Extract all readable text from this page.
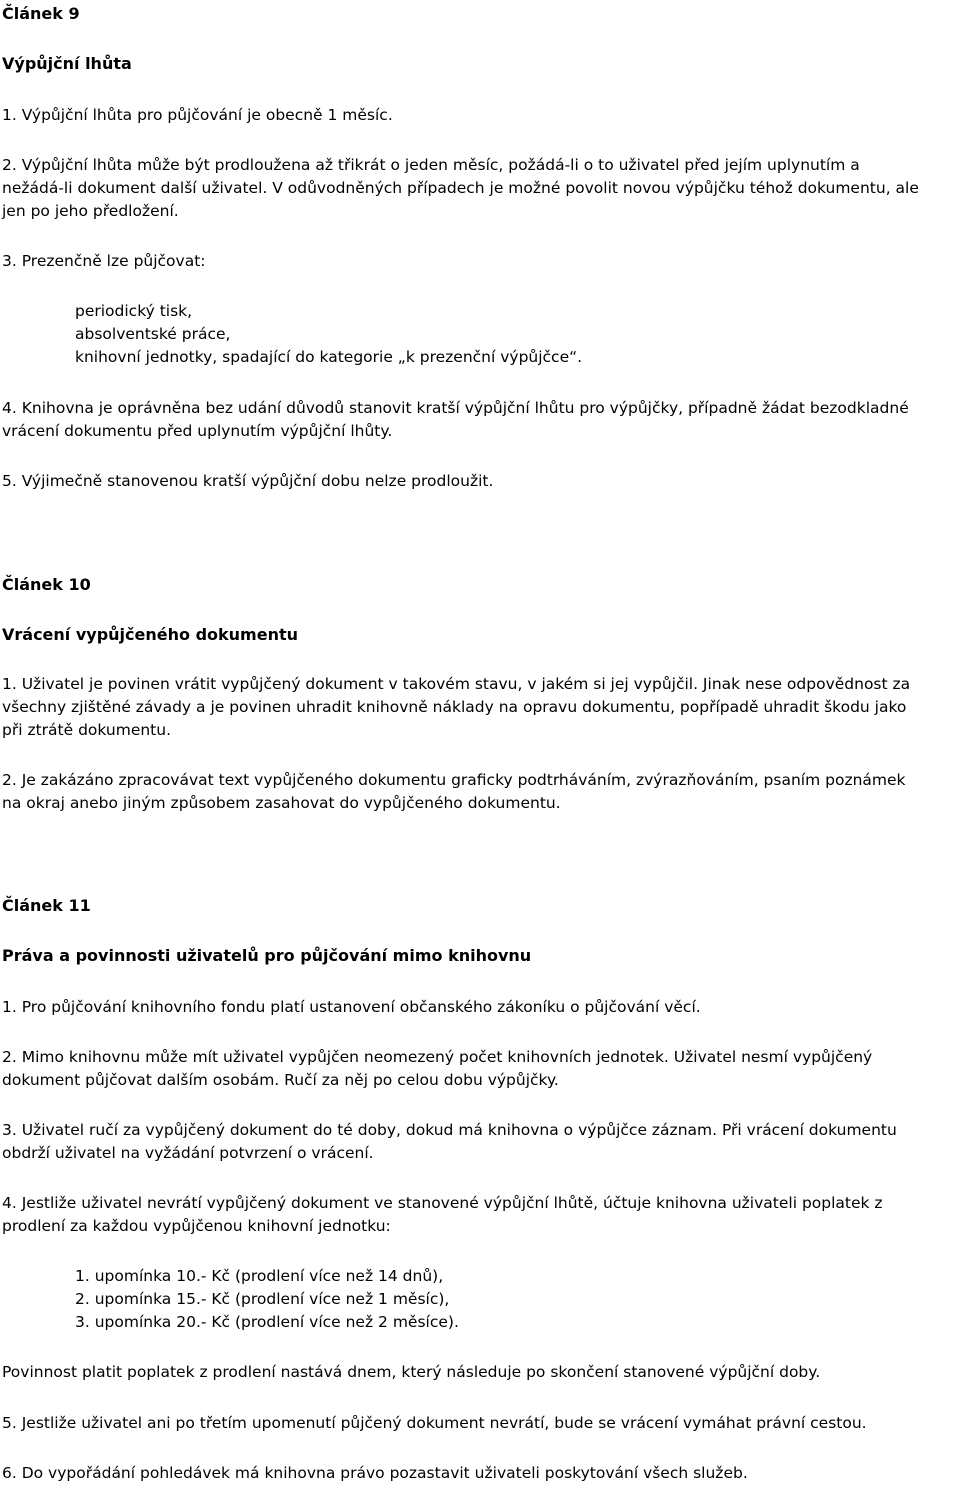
Článek 9
Výpůjční lhůta
1. Výpůjční lhůta pro půjčování je obecně 1 měsíc.
2. Výpůjční lhůta může být prodloužena až třikrát o jeden měsíc, požádá-li o to uživatel před jejím uplynutím a
nežádá-li dokument další uživatel. V odůvodněných případech je možné povolit novou výpůjčku téhož dokumentu, ale
jen po jeho předložení.
3. Prezenčně lze půjčovat:
periodický tisk,
absolventské práce,
knihovní jednotky, spadající do kategorie „k prezenční výpůjčce“.
4. Knihovna je oprávněna bez udání důvodů stanovit kratší výpůjční lhůtu pro výpůjčky, případně žádat bezodkladné
vrácení dokumentu před uplynutím výpůjční lhůty.
5. Výjimečně stanovenou kratší výpůjční dobu nelze prodloužit.
Článek 10
Vrácení vypůjčeného dokumentu
1. Uživatel je povinen vrátit vypůjčený dokument v takovém stavu, v jakém si jej vypůjčil. Jinak nese odpovědnost za
všechny zjištěné závady a je povinen uhradit knihovně náklady na opravu dokumentu, popřípadě uhradit škodu jako
při ztrátě dokumentu.
2. Je zakázáno zpracovávat text vypůjčeného dokumentu graficky podtrháváním, zvýrazňováním, psaním poznámek
na okraj anebo jiným způsobem zasahovat do vypůjčeného dokumentu.
Článek 11
Práva a povinnosti uživatelů pro půjčování mimo knihovnu
1. Pro půjčování knihovního fondu platí ustanovení občanského zákoníku o půjčování věcí.
2. Mimo knihovnu může mít uživatel vypůjčen neomezený počet knihovních jednotek. Uživatel nesmí vypůjčený
dokument půjčovat dalším osobám. Ručí za něj po celou dobu výpůjčky.
3. Uživatel ručí za vypůjčený dokument do té doby, dokud má knihovna o výpůjčce záznam. Při vrácení dokumentu
obdrží uživatel na vyžádání potvrzení o vrácení.
4. Jestliže uživatel nevrátí vypůjčený dokument ve stanovené výpůjční lhůtě, účtuje knihovna uživateli poplatek z
prodlení za každou vypůjčenou knihovní jednotku:
1. upomínka 10.- Kč (prodlení více než 14 dnů),
2. upomínka 15.- Kč (prodlení více než 1 měsíc),
3. upomínka 20.- Kč (prodlení více než 2 měsíce).
Povinnost platit poplatek z prodlení nastává dnem, který následuje po skončení stanovené výpůjční doby.
5. Jestliže uživatel ani po třetím upomenutí půjčený dokument nevrátí, bude se vrácení vymáhat právní cestou.
6. Do vypořádání pohledávek má knihovna právo pozastavit uživateli poskytování všech služeb.
